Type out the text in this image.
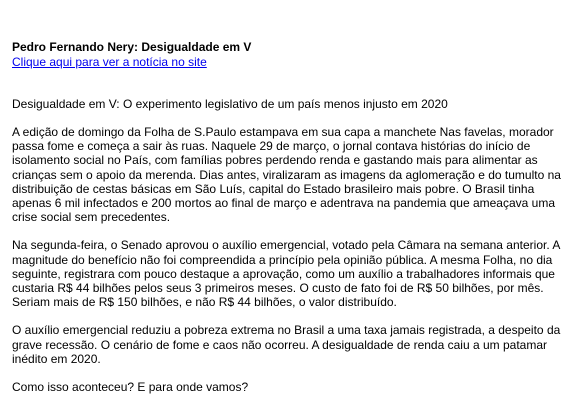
Pedro Fernando Nery: Desigualdade em V
Clique aqui para ver a notícia no site

Desigualdade em V: O experimento legislativo de um país menos injusto em 2020

A edição de domingo da Folha de S.Paulo estampava em sua capa a manchete Nas favelas, morador passa fome e começa a sair às ruas. Naquele 29 de março, o jornal contava histórias do início de isolamento social no País, com famílias pobres perdendo renda e gastando mais para alimentar as crianças sem o apoio da merenda. Dias antes, viralizaram as imagens da aglomeração e do tumulto na distribuição de cestas básicas em São Luís, capital do Estado brasileiro mais pobre. O Brasil tinha apenas 6 mil infectados e 200 mortos ao final de março e adentrava na pandemia que ameaçava uma crise social sem precedentes.

Na segunda-feira, o Senado aprovou o auxílio emergencial, votado pela Câmara na semana anterior. A magnitude do benefício não foi compreendida a princípio pela opinião pública. A mesma Folha, no dia seguinte, registrara com pouco destaque a aprovação, como um auxílio a trabalhadores informais que custaria R$ 44 bilhões pelos seus 3 primeiros meses. O custo de fato foi de R$ 50 bilhões, por mês. Seriam mais de R$ 150 bilhões, e não R$ 44 bilhões, o valor distribuído.

O auxílio emergencial reduziu a pobreza extrema no Brasil a uma taxa jamais registrada, a despeito da grave recessão. O cenário de fome e caos não ocorreu. A desigualdade de renda caiu a um patamar inédito em 2020.

Como isso aconteceu? E para onde vamos?
